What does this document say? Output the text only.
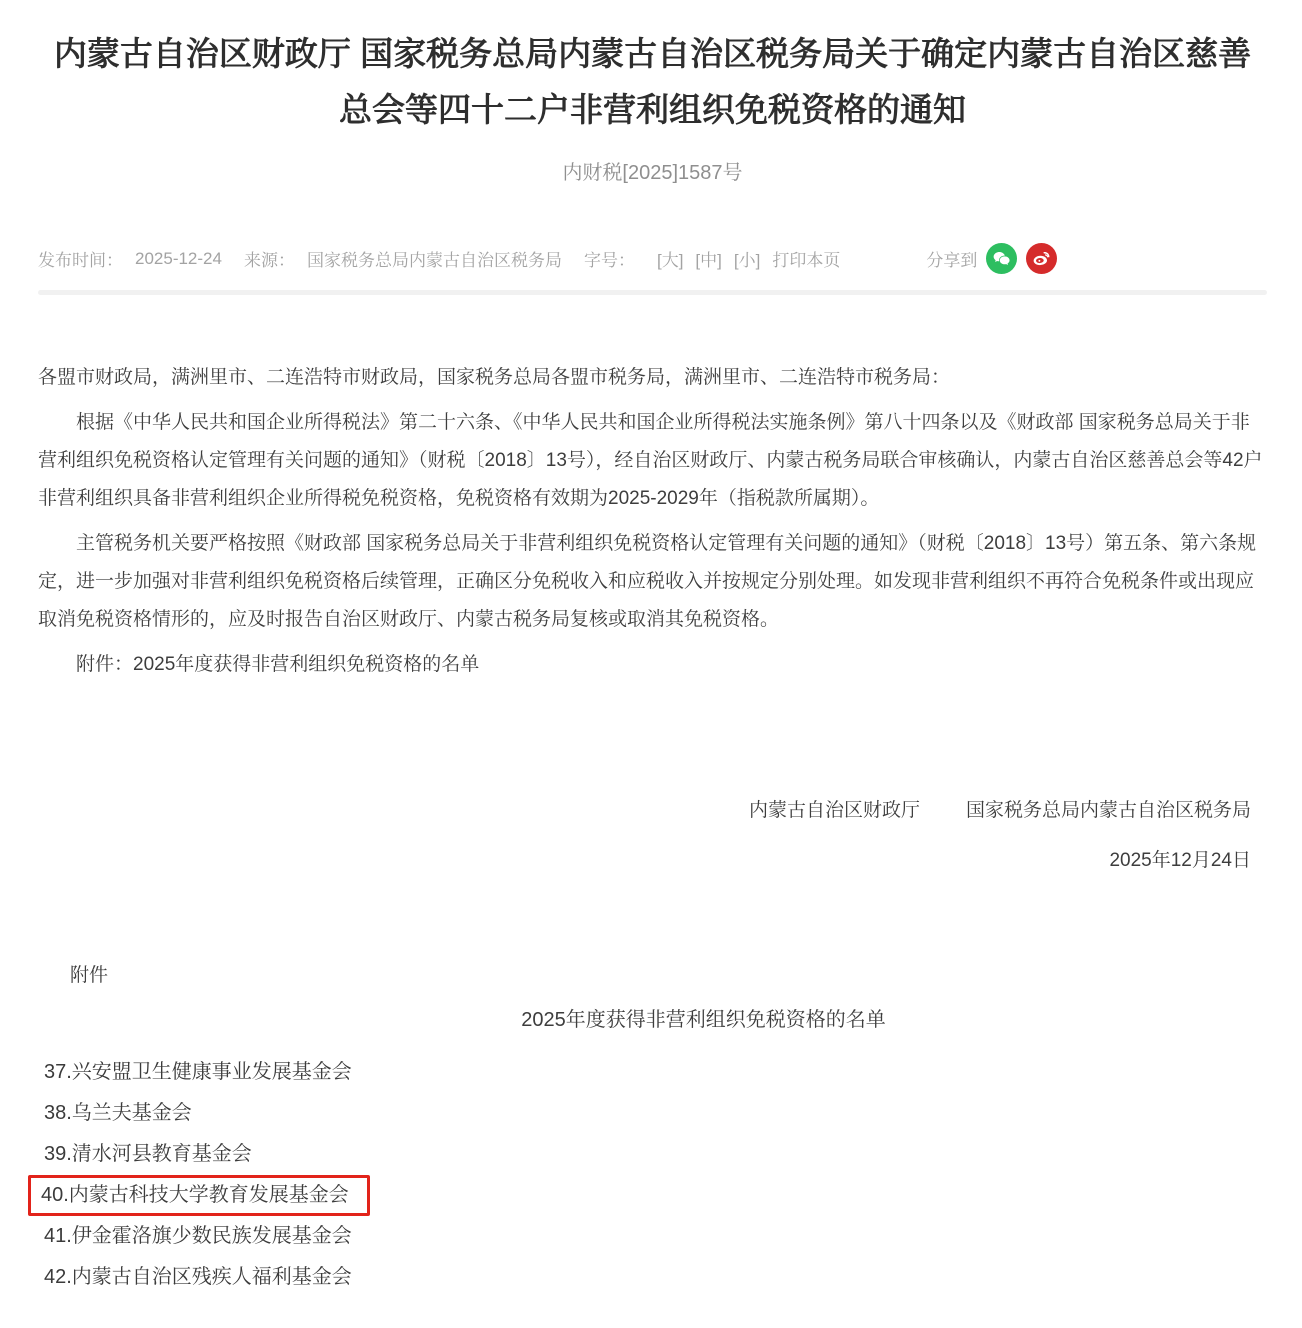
内蒙古自治区财政厅 国家税务总局内蒙古自治区税务局关于确定内蒙古自治区慈善总会等四十二户非营利组织免税资格的通知
内财税[2025]1587号
发布时间： 2025-12-24 来源： 国家税务总局内蒙古自治区税务局 字号： [大] [中] [小] 打印本页	分享到

各盟市财政局，满洲里市、二连浩特市财政局，国家税务总局各盟市税务局，满洲里市、二连浩特市税务局：

根据《中华人民共和国企业所得税法》第二十六条、《中华人民共和国企业所得税法实施条例》第八十四条以及《财政部 国家税务总局关于非营利组织免税资格认定管理有关问题的通知》（财税〔2018〕13号），经自治区财政厅、内蒙古税务局联合审核确认，内蒙古自治区慈善总会等42户非营利组织具备非营利组织企业所得税免税资格，免税资格有效期为2025-2029年（指税款所属期）。

主管税务机关要严格按照《财政部 国家税务总局关于非营利组织免税资格认定管理有关问题的通知》（财税〔2018〕13号）第五条、第六条规定，进一步加强对非营利组织免税资格后续管理，正确区分免税收入和应税收入并按规定分别处理。如发现非营利组织不再符合免税条件或出现应取消免税资格情形的，应及时报告自治区财政厅、内蒙古税务局复核或取消其免税资格。

附件：2025年度获得非营利组织免税资格的名单

内蒙古自治区财政厅 国家税务总局内蒙古自治区税务局
2025年12月24日
附件
2025年度获得非营利组织免税资格的名单
37.兴安盟卫生健康事业发展基金会
38.乌兰夫基金会
39.清水河县教育基金会
40.内蒙古科技大学教育发展基金会
41.伊金霍洛旗少数民族发展基金会
42.内蒙古自治区残疾人福利基金会
